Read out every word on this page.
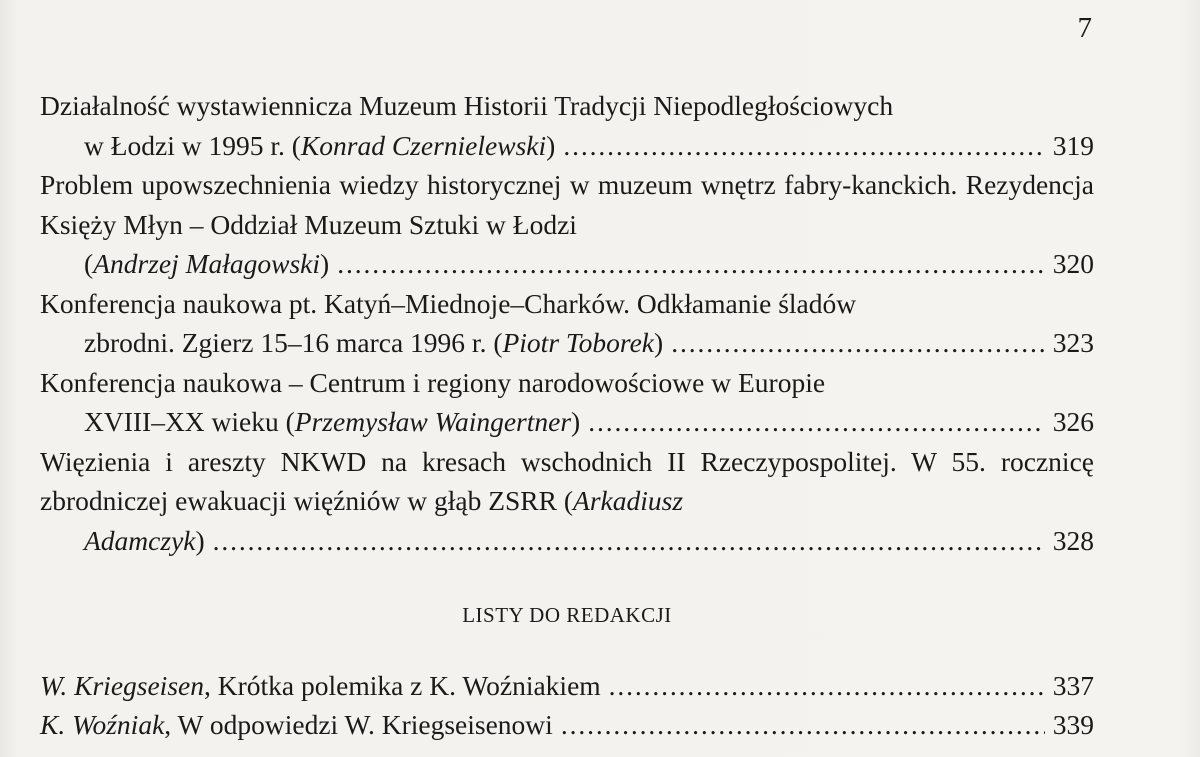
7
Działalność wystawiennicza Muzeum Historii Tradycji Niepodległościowych
w Łodzi w 1995 r. (Konrad Czernielewski) . . .	319
Problem upowszechnienia wiedzy historycznej w muzeum wnętrz fabry-kanckich. Rezydencja Księży Młyn – Oddział Muzeum Sztuki w Łodzi
(Andrzej Małagowski) . . .	320
Konferencja naukowa pt. Katyń–Miednoje–Charków. Odkłamanie śladów
zbrodni. Zgierz 15–16 marca 1996 r. (Piotr Toborek) . . .	323
Konferencja naukowa – Centrum i regiony narodowościowe w Europie
XVIII–XX wieku (Przemysław Waingertner) . . .	326
Więzienia i areszty NKWD na kresach wschodnich II Rzeczypospolitej. W 55. rocznicę zbrodniczej ewakuacji więźniów w głąb ZSRR (Arkadiusz
Adamczyk) . . .	328
LISTY DO REDAKCJI
W. Kriegseisen, Krótka polemika z K. Woźniakiem . . .	337
K. Woźniak, W odpowiedzi W. Kriegseisenowi . . .	339
